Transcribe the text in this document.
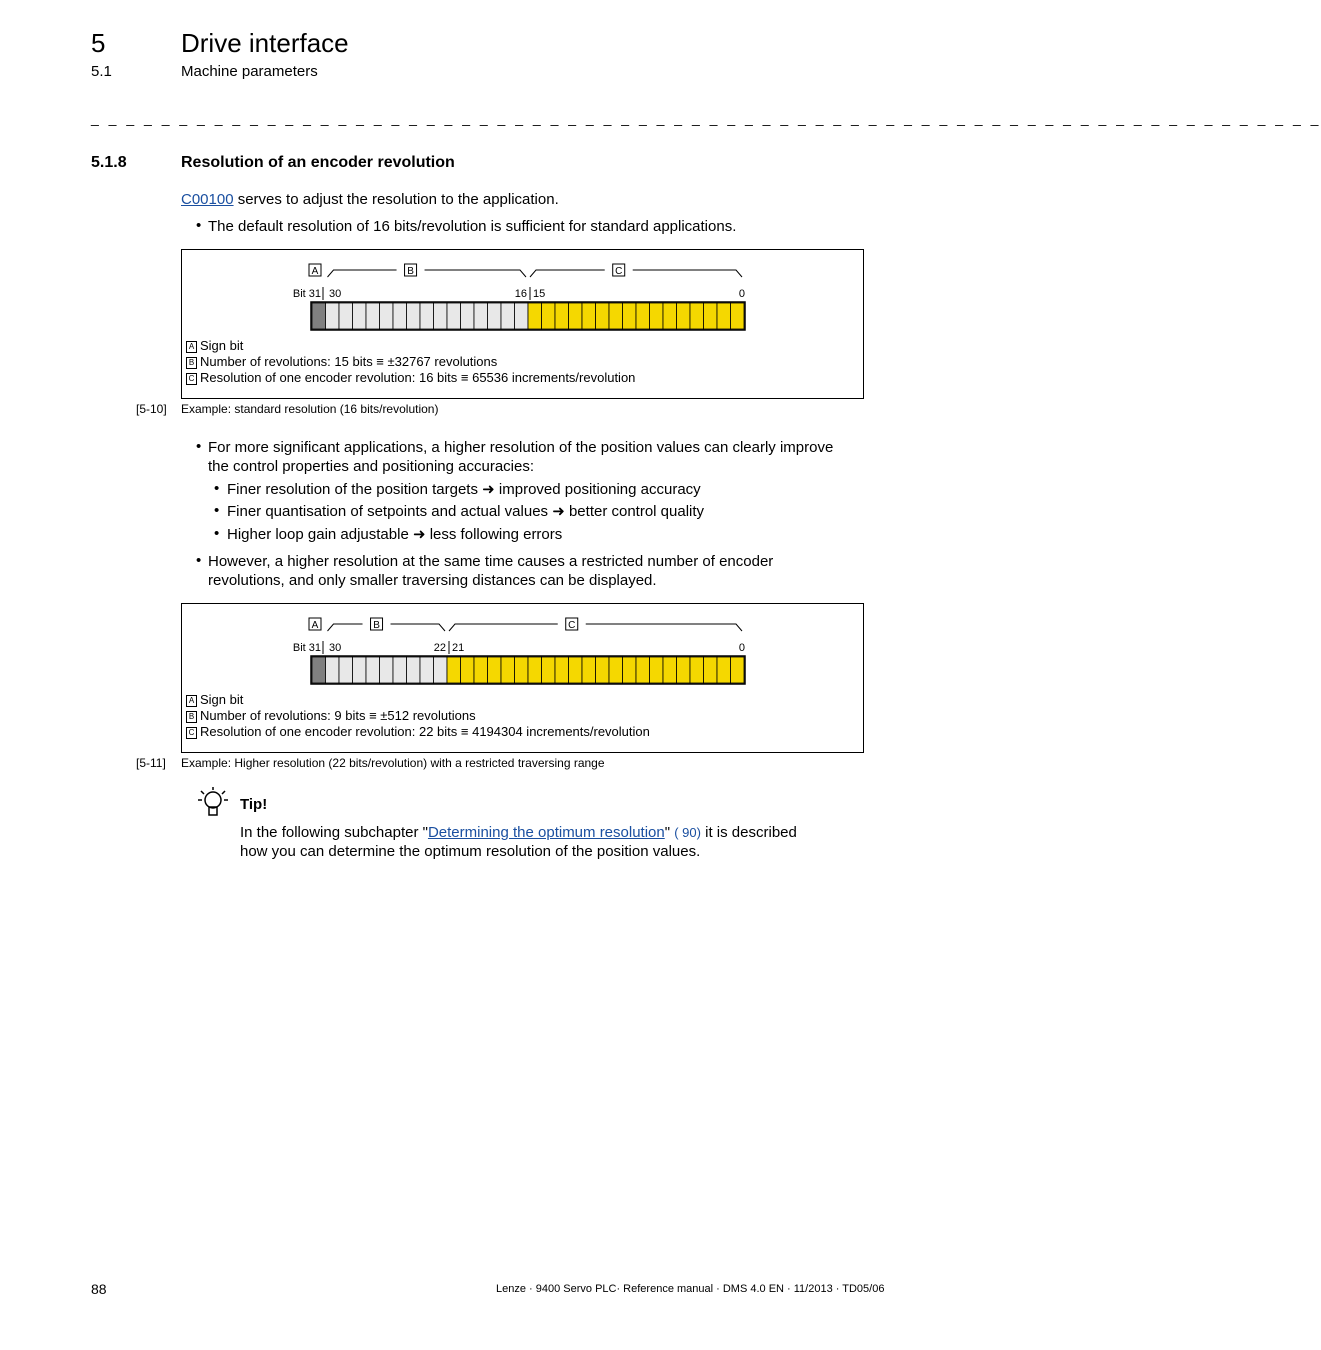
5	Drive interface
5.1	Machine parameters
_ _ _ _ _ _ _ _ _ _ _ _ _ _ _ _ _ _ _ _ _ _ _ _ _ _ _ _ _ _ _ _ _ _ _ _ _ _ _ _ _ _ _ _ _ _ _ _ _ _ _ _ _ _ _ _ _ _ _ _ _ _ _ _ _ _ _ _ _ _
5.1.8	Resolution of an encoder revolution
C00100 serves to adjust the resolution to the application.
• The default resolution of 16 bits/revolution is sufficient for standard applications.
A	B	C
Bit 31 30	16 15	0
A Sign bit
B Number of revolutions: 15 bits ≡ ±32767 revolutions
C Resolution of one encoder revolution: 16 bits ≡ 65536 increments/revolution
[5-10] Example: standard resolution (16 bits/revolution)
• For more significant applications, a higher resolution of the position values can clearly improve
the control properties and positioning accuracies:
• Finer resolution of the position targets ➜ improved positioning accuracy
• Finer quantisation of setpoints and actual values ➜ better control quality
• Higher loop gain adjustable ➜ less following errors
• However, a higher resolution at the same time causes a restricted number of encoder
revolutions, and only smaller traversing distances can be displayed.
A	B	C
Bit 31 30	22 21	0
A Sign bit
B Number of revolutions: 9 bits ≡ ±512 revolutions
C Resolution of one encoder revolution: 22 bits ≡ 4194304 increments/revolution
[5-11] Example: Higher resolution (22 bits/revolution) with a restricted traversing range
Tip!
In the following subchapter "Determining the optimum resolution" ( 90) it is described
how you can determine the optimum resolution of the position values.
88	Lenze · 9400 Servo PLC· Reference manual · DMS 4.0 EN · 11/2013 · TD05/06
